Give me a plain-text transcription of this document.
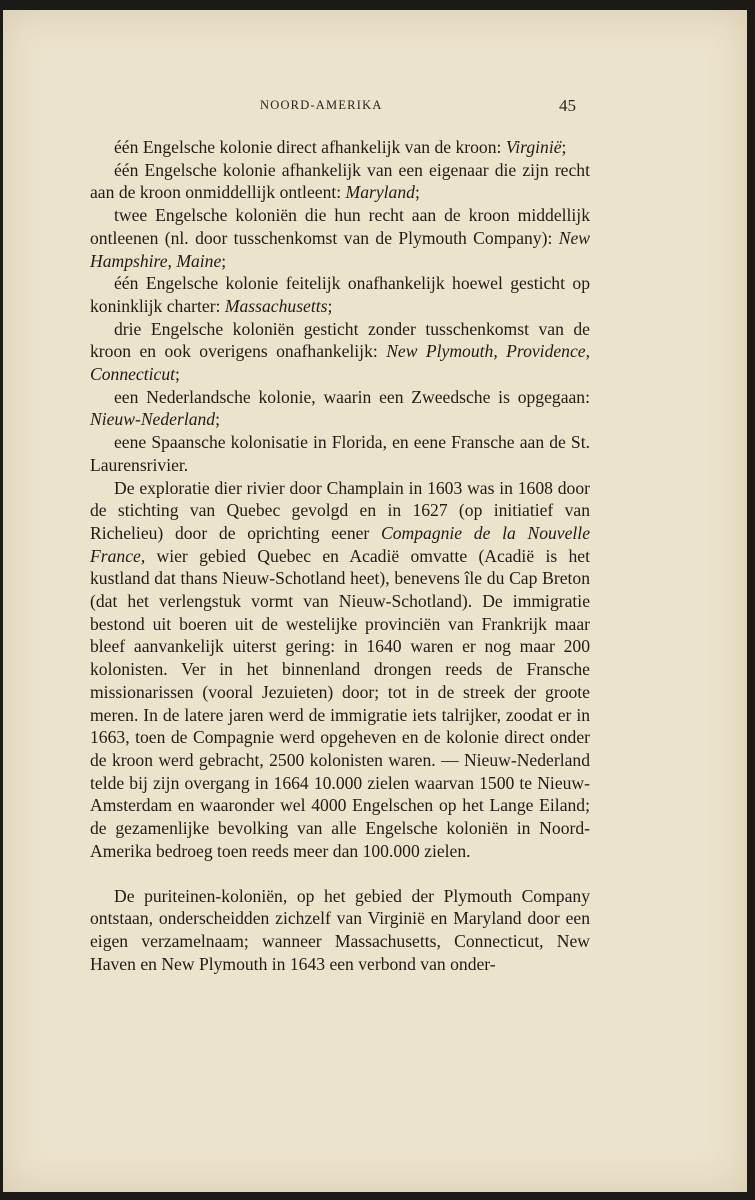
NOORD-AMERIKA	45

één Engelsche kolonie direct afhankelijk van de kroon: Virginië;

één Engelsche kolonie afhankelijk van een eigenaar die zijn recht aan de kroon onmiddellijk ontleent: Maryland;

twee Engelsche koloniën die hun recht aan de kroon middellijk ontleenen (nl. door tusschenkomst van de Plymouth Company): New Hampshire, Maine;

één Engelsche kolonie feitelijk onafhankelijk hoewel gesticht op koninklijk charter: Massachusetts;

drie Engelsche koloniën gesticht zonder tusschenkomst van de kroon en ook overigens onafhankelijk: New Plymouth, Providence, Connecticut;

een Nederlandsche kolonie, waarin een Zweedsche is opgegaan: Nieuw-Nederland;

eene Spaansche kolonisatie in Florida, en eene Fransche aan de St. Laurensrivier.

De exploratie dier rivier door Champlain in 1603 was in 1608 door de stichting van Quebec gevolgd en in 1627 (op initiatief van Richelieu) door de oprichting eener Compagnie de la Nouvelle France, wier gebied Quebec en Acadië omvatte (Acadië is het kustland dat thans Nieuw-Schotland heet), benevens île du Cap Breton (dat het verlengstuk vormt van Nieuw-Schotland). De immigratie bestond uit boeren uit de westelijke provinciën van Frankrijk maar bleef aanvankelijk uiterst gering: in 1640 waren er nog maar 200 kolonisten. Ver in het binnenland drongen reeds de Fransche missionarissen (vooral Jezuieten) door; tot in de streek der groote meren. In de latere jaren werd de immigratie iets talrijker, zoodat er in 1663, toen de Compagnie werd opgeheven en de kolonie direct onder de kroon werd gebracht, 2500 kolonisten waren. — Nieuw-Nederland telde bij zijn overgang in 1664 10.000 zielen waarvan 1500 te Nieuw-Amsterdam en waaronder wel 4000 Engelschen op het Lange Eiland; de gezamenlijke bevolking van alle Engelsche koloniën in Noord-Amerika bedroeg toen reeds meer dan 100.000 zielen.

De puriteinen-koloniën, op het gebied der Plymouth Company ontstaan, onderscheidden zichzelf van Virginië en Maryland door een eigen verzamelnaam; wanneer Massachusetts, Connecticut, New Haven en New Plymouth in 1643 een verbond van onder-
